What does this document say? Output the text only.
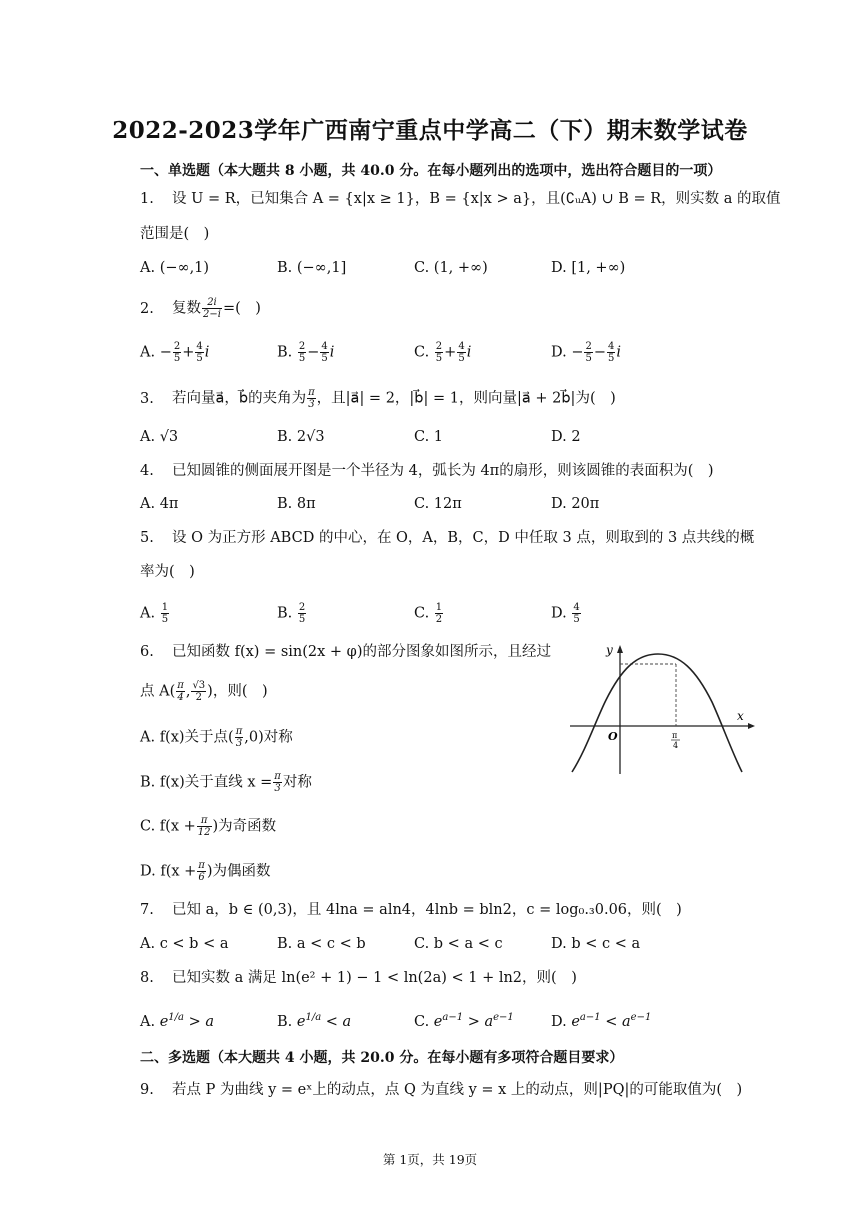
2022-2023学年广西南宁重点中学高二（下）期末数学试卷
一、单选题（本大题共 8 小题，共 40.0 分。在每小题列出的选项中，选出符合题目的一项）
1. 设 U = R，已知集合 A = {x|x ≥ 1}，B = {x|x > a}，且(∁ᵤA) ∪ B = R，则实数 a 的取值
范围是(　)
A. (−∞,1)	B. (−∞,1]	C. (1, +∞)	D. [1, +∞)
2. 复数 $\frac{2i}{2-i}$ =(　)
A. − $\frac{2}{5} + \frac{4}{5}$ i	B. $\frac{2}{5} - \frac{4}{5}$ i	C. $\frac{2}{5} + \frac{4}{5}$ i	D. − $\frac{2}{5} - \frac{4}{5}$ i
3. 若向量a⃗，b⃗的夹角为 $\frac{\pi}{3}$ ，且|a⃗| = 2，|b⃗| = 1，则向量|a⃗ + 2b⃗|为(　)
A. √3	B. 2√3	C. 1	D. 2
4. 已知圆锥的侧面展开图是一个半径为 4，弧长为 4π的扇形，则该圆锥的表面积为(　)
A. 4π	B. 8π	C. 12π	D. 20π
5. 设 O 为正方形 ABCD 的中心，在 O，A，B，C，D 中任取 3 点，则取到的 3 点共线的概
率为(　)
A. $\frac{1}{5}$	B. $\frac{2}{5}$	C. $\frac{1}{2}$	D. $\frac{4}{5}$
6. 已知函数 f(x) = sin(2x + φ)的部分图象如图所示，且经过
点 $A( \frac{\pi}{4}$ , $\frac{√3}{2}$ )，则(　)
A. f(x)关于点( $\frac{\pi}{3} ,0$)对称
B. f(x)关于直线 $x = \frac{\pi}{3}$ 对称
C. $f(x + \frac{\pi}{12}$ )为奇函数
D. $f(x + \frac{\pi}{6}$ )为偶函数
y
x
O	π
4
7. 已知 a，b ∈ (0,3)，且 4lna = aln4，4lnb = bln2，c = log₀.₃0.06，则(　)
A. c < b < a	B. a < c < b	C. b < a < c	D. b < c < a
8. 已知实数 a 满足 ln(e² + 1) − 1 < ln(2a) < 1 + ln2，则(　)
A. $e^{1/a} > a$	B. $e^{1/a} < a$	C. $e^{a-1} > a^{e-1}$	D. $e^{a-1} < a^{e-1}$
二、多选题（本大题共 4 小题，共 20.0 分。在每小题有多项符合题目要求）
9. 若点 P 为曲线 y = eˣ上的动点，点 Q 为直线 y = x 上的动点，则|PQ|的可能取值为(　)
第 1页，共 19页
